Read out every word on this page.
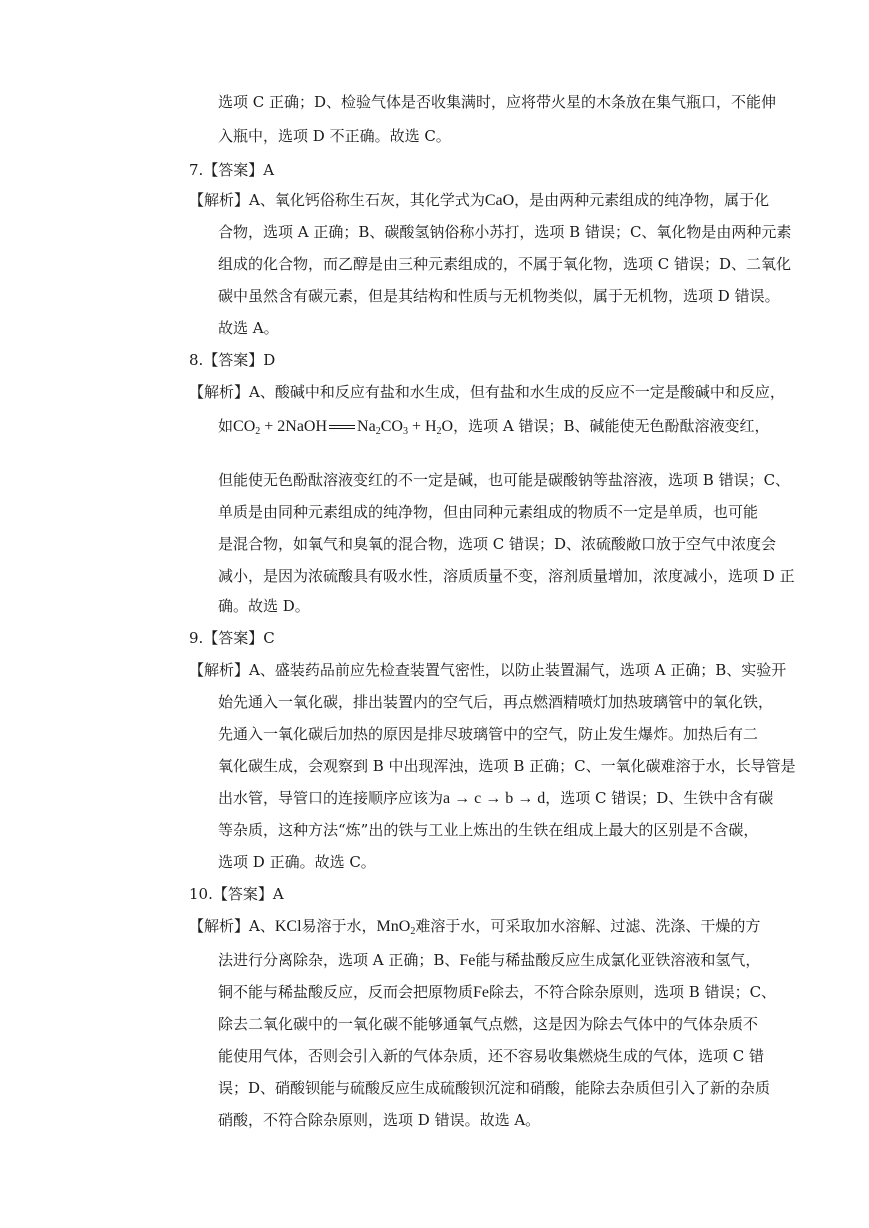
选项 C 正确；D、检验气体是否收集满时，应将带火星的木条放在集气瓶口，不能伸
入瓶中，选项 D 不正确。故选 C。
7.【答案】A
【解析】A、氧化钙俗称生石灰，其化学式为CaO，是由两种元素组成的纯净物，属于化
合物，选项 A 正确；B、碳酸氢钠俗称小苏打，选项 B 错误；C、氧化物是由两种元素
组成的化合物，而乙醇是由三种元素组成的，不属于氧化物，选项 C 错误；D、二氧化
碳中虽然含有碳元素，但是其结构和性质与无机物类似，属于无机物，选项 D 错误。
故选 A。
8.【答案】D
【解析】A、酸碱中和反应有盐和水生成，但有盐和水生成的反应不一定是酸碱中和反应，
如$CO_2$ + 2NaOH $Na_2CO_3 + H_2O$，选项 A 错误；B、碱能使无色酚酞溶液变红，
但能使无色酚酞溶液变红的不一定是碱，也可能是碳酸钠等盐溶液，选项 B 错误；C、
单质是由同种元素组成的纯净物，但由同种元素组成的物质不一定是单质，也可能
是混合物，如氧气和臭氧的混合物，选项 C 错误；D、浓硫酸敞口放于空气中浓度会
减小，是因为浓硫酸具有吸水性，溶质质量不变，溶剂质量增加，浓度减小，选项 D 正
确。故选 D。
9.【答案】C
【解析】A、盛装药品前应先检查装置气密性，以防止装置漏气，选项 A 正确；B、实验开
始先通入一氧化碳，排出装置内的空气后，再点燃酒精喷灯加热玻璃管中的氧化铁，
先通入一氧化碳后加热的原因是排尽玻璃管中的空气，防止发生爆炸。加热后有二
氧化碳生成，会观察到 B 中出现浑浊，选项 B 正确；C、一氧化碳难溶于水，长导管是
出水管，导管口的连接顺序应该为a → c → b → d，选项 C 错误；D、生铁中含有碳
等杂质，这种方法“炼”出的铁与工业上炼出的生铁在组成上最大的区别是不含碳，
选项 D 正确。故选 C。
10.【答案】A
【解析】A、KCl易溶于水，MnO$_2$难溶于水，可采取加水溶解、过滤、洗涤、干燥的方
法进行分离除杂，选项 A 正确；B、Fe能与稀盐酸反应生成氯化亚铁溶液和氢气，
铜不能与稀盐酸反应，反而会把原物质Fe除去，不符合除杂原则，选项 B 错误；C、
除去二氧化碳中的一氧化碳不能够通氧气点燃，这是因为除去气体中的气体杂质不
能使用气体，否则会引入新的气体杂质，还不容易收集燃烧生成的气体，选项 C 错
误；D、硝酸钡能与硫酸反应生成硫酸钡沉淀和硝酸，能除去杂质但引入了新的杂质
硝酸，不符合除杂原则，选项 D 错误。故选 A。
